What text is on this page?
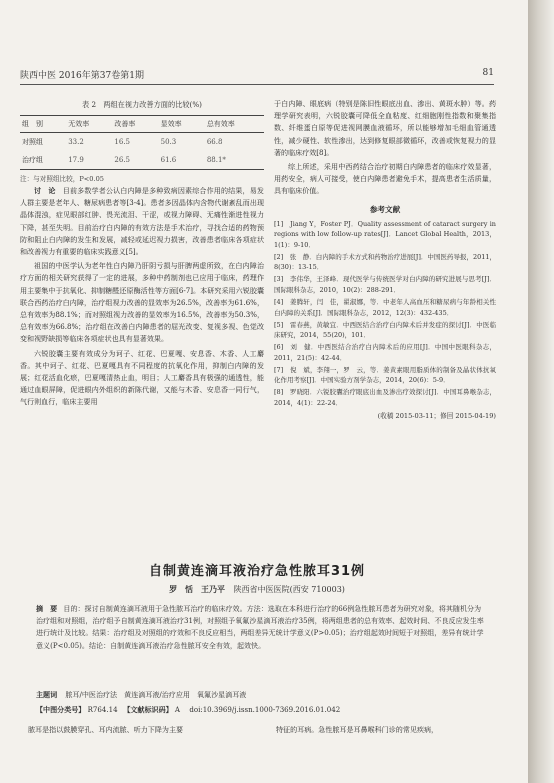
陕西中医 2016年第37卷第1期	81
表 2　两组在视力改善方面的比较(%)
组　别	无效率	改善率	显效率	总有效率
对照组	33.2	16.5	50.3	66.8
治疗组	17.9	26.5	61.6	88.1*
注：与对照组比较，P<0.05

讨　论　 目前多数学者公认白内障是多种致病因素综合作用的结果，易发人群主要是老年人、糖尿病患者等[3-4]。患者多因晶体内含物代谢紊乱而出现晶体混浊，症见眼部红肿、畏光流泪、干涩，或视力障碍、无痛性渐进性视力下降，甚至失明。目前治疗白内障的有效方法是手术治疗，寻找合适的药物预防和阻止白内障的发生和发展，减轻或延迟视力损害，改善患者临床各项症状和改善视力有重要的临床实践意义[5]。

祖国的中医学认为老年性白内障乃肝阴亏损与肝脾两虚所致，在白内障治疗方面的相关研究获得了一定的进展，多种中药制剂也已应用于临床，药理作用主要集中于抗氧化、抑制糖醛还原酶活性等方面[6-7]。本研究采用六锐胶囊联合西药治疗白内障，治疗组视力改善的显效率为26.5%，改善率为61.6%，总有效率为88.1%；而对照组视力改善的显效率为16.5%，改善率为50.3%，总有效率为66.8%；治疗组在改善白内障患者的屈光改变、复视多视、色觉改变和视野缺损等临床各项症状也具有显著效果。

六锐胶囊主要有效成分为诃子、红花、巴夏嘎、安息香、木香、人工麝香。其中诃子、红花、巴夏嘎具有不同程度的抗氧化作用，抑制白内障的发展；红花活血化瘀，巴夏嘎清热止血，明目；人工麝香具有极强的通透性，能通过血眼屏障，促进眼内外组织的新陈代谢，又能与木香、安息香一同行气，气行则血行，临床主要用

于白内障、眼底病（特别是陈旧性眼底出血、渗出、黄斑水肿）等。药理学研究表明，六锐胶囊可降低全血粘度、红细胞刚性指数和聚集指数、纤维蛋白原等促进视网膜血液循环，所以能够增加毛细血管通透性，减少硬性、软性渗出，达到修复眼部微循环，改善或恢复视力的显著的临床疗效[8]。

综上所述，采用中西药结合治疗初期白内障患者的临床疗效显著，用药安全，病人可接受，使白内障患者避免手术，提高患者生活质量，具有临床价值。

参考文献

[1]　Jiang Y，Foster PJ．Quality assessment of cataract surgery in regions with low follow-up rates[J]．Lancet Global Health，2013，1(1)：9-10．

[2]　张　静．白内障的手术方式和药物治疗进展[J]．中国医药导报，2011，8(30)：13-15．

[3]　李伟华，王泽峰．现代医学与传统医学对白内障的研究进展与思考[J]．国际眼科杂志，2010，10(2)：288-291．

[4]　姜腾轩，闫　佳，翟淑娜，等．中老年人高血压和糖尿病与年龄相关性白内障的关系[J]．国际眼科杂志，2012，12(3)：432-435．

[5]　雷春燕，黄敏宜．中西医结合治疗白内障术后并发症的探讨[J]．中医临床研究，2014，55(20)，101．

[6]　刘　健．中西医结合治疗白内障术后的应用[J]．中国中医眼科杂志，2011，21(5)：42-44．

[7]　倪　斌，李翔一，罗　云，等．姜黄素眼用脂质体的制备及晶状体抗氧化作用考察[J]．中国实验方剂学杂志，2014，20(6)：5-9．

[8]　罗晓阳．六锐胶囊治疗眼底出血及渗出疗效探讨[J]．中国耳鼻喉杂志，2014，4(1)：22-24．

(收稿 2015-03-11；修回 2015-04-19)
自制黄连滴耳液治疗急性脓耳31例
罗　恬　王乃平 陕西省中医医院(西安 710003)
摘　要 目的：探讨自制黄连滴耳液用于急性脓耳治疗的临床疗效。方法：选取在本科进行治疗的66例急性脓耳患者为研究对象，将其随机分为治疗组和对照组，治疗组予自制黄连滴耳液治疗31例，对照组予氧氟沙星滴耳液治疗35例，将两组患者的总有效率、起效时间、不良反应发生率进行统计及比较。结果：治疗组及对照组的疗效和不良反应相当，两组差异无统计学意义(P>0.05)；治疗组起效时间短于对照组，差异有统计学意义(P<0.05)。结论：自制黄连滴耳液治疗急性脓耳安全有效，起效快。
主题词 脓耳/中医治疗法　黄连滴耳液/治疗应用　氧氟沙星滴耳液
【中图分类号】 R764.14 　 【文献标识码】 A 　 doi:10.3969/j.issn.1000-7369.2016.01.042
脓耳是指以鼓膜穿孔、耳内流脓、听力下降为主要	特征的耳病。急性脓耳是耳鼻喉科门诊的常见疾病，
